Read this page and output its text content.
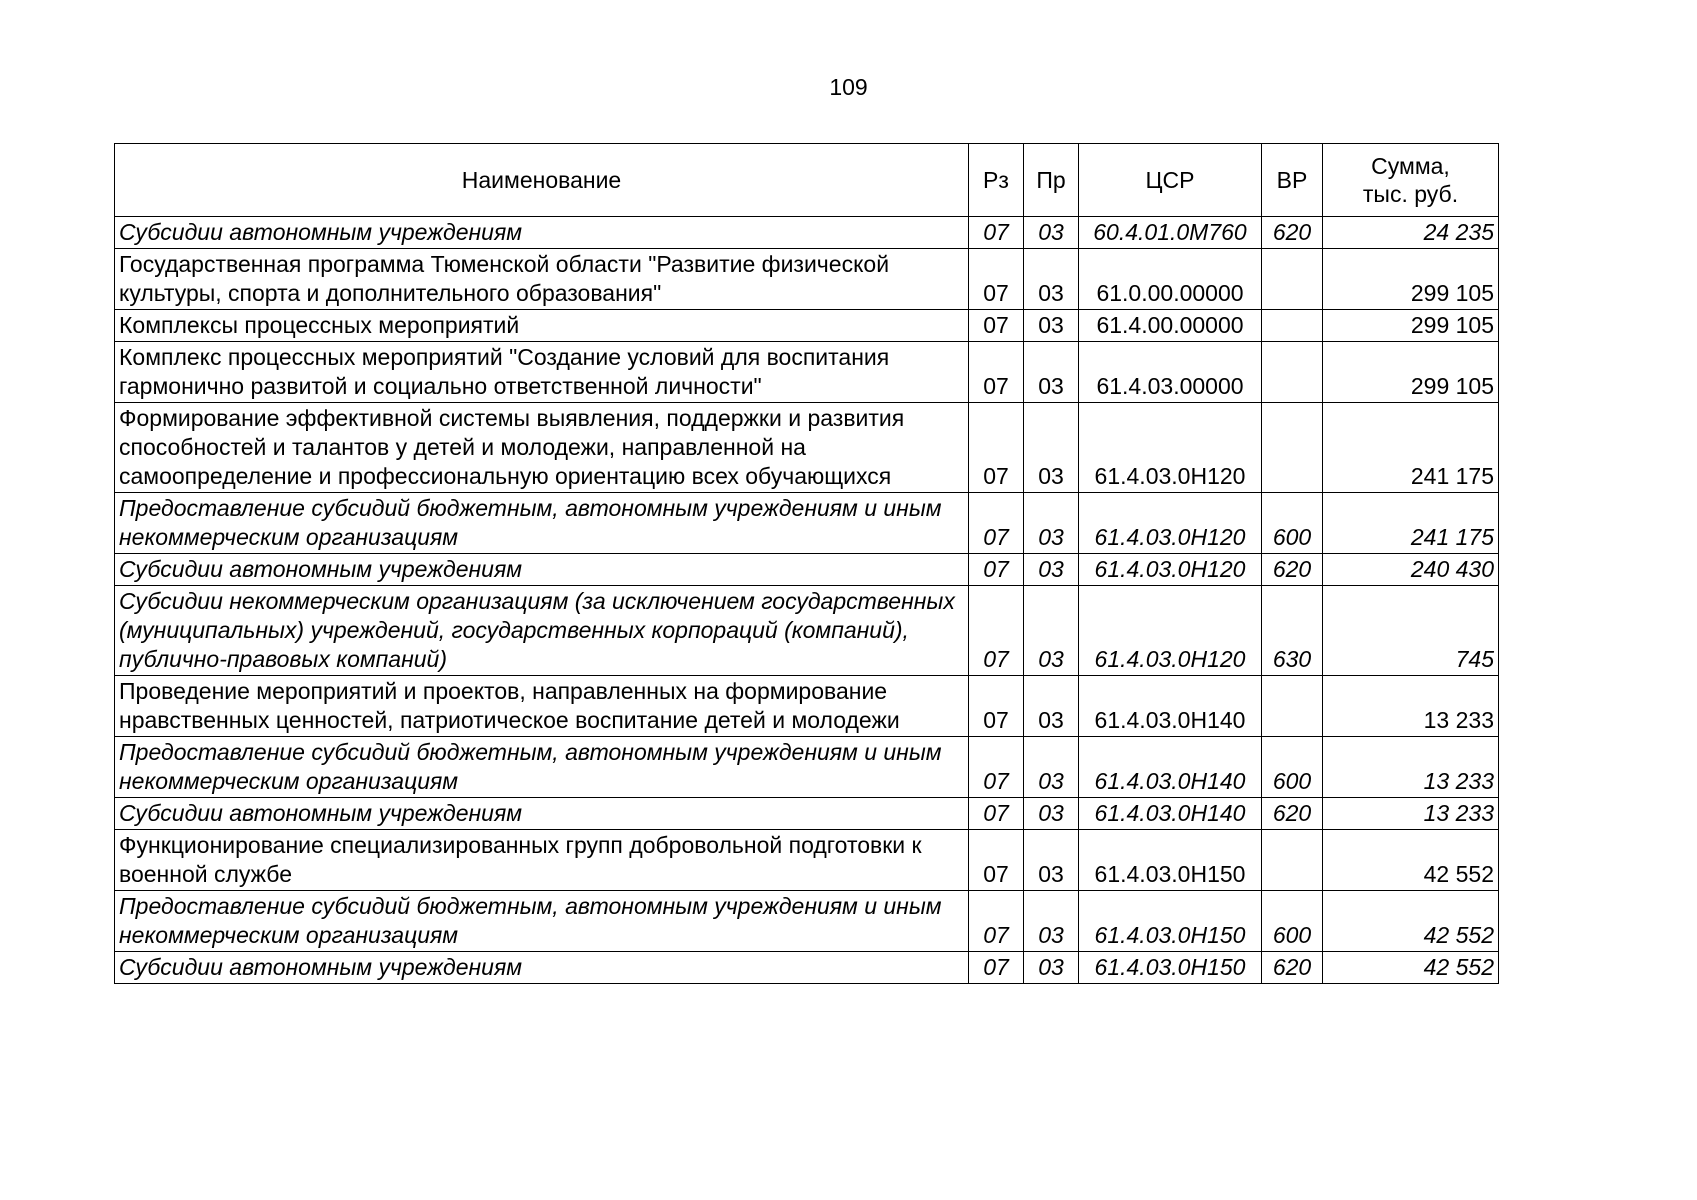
109
Наименование	Рз	Пр	ЦСР	ВР	Сумма,
тыс. руб.
Субсидии автономным учреждениям	07	03	60.4.01.0М760	620	24 235
Государственная программа Тюменской области "Развитие физической культуры, спорта и дополнительного образования"	07	03	61.0.00.00000		299 105
Комплексы процессных мероприятий	07	03	61.4.00.00000		299 105
Комплекс процессных мероприятий "Создание условий для воспитания гармонично развитой и социально ответственной личности"	07	03	61.4.03.00000		299 105
Формирование эффективной системы выявления, поддержки и развития способностей и талантов у детей и молодежи, направленной на самоопределение и профессиональную ориентацию всех обучающихся	07	03	61.4.03.0Н120		241 175
Предоставление субсидий бюджетным, автономным учреждениям и иным некоммерческим организациям	07	03	61.4.03.0Н120	600	241 175
Субсидии автономным учреждениям	07	03	61.4.03.0Н120	620	240 430
Субсидии некоммерческим организациям (за исключением государственных (муниципальных) учреждений, государственных корпораций (компаний), публично-правовых компаний)	07	03	61.4.03.0Н120	630	745
Проведение мероприятий и проектов, направленных на формирование нравственных ценностей, патриотическое воспитание детей и молодежи	07	03	61.4.03.0Н140		13 233
Предоставление субсидий бюджетным, автономным учреждениям и иным некоммерческим организациям	07	03	61.4.03.0Н140	600	13 233
Субсидии автономным учреждениям	07	03	61.4.03.0Н140	620	13 233
Функционирование специализированных групп добровольной подготовки к военной службе	07	03	61.4.03.0Н150		42 552
Предоставление субсидий бюджетным, автономным учреждениям и иным некоммерческим организациям	07	03	61.4.03.0Н150	600	42 552
Субсидии автономным учреждениям	07	03	61.4.03.0Н150	620	42 552
